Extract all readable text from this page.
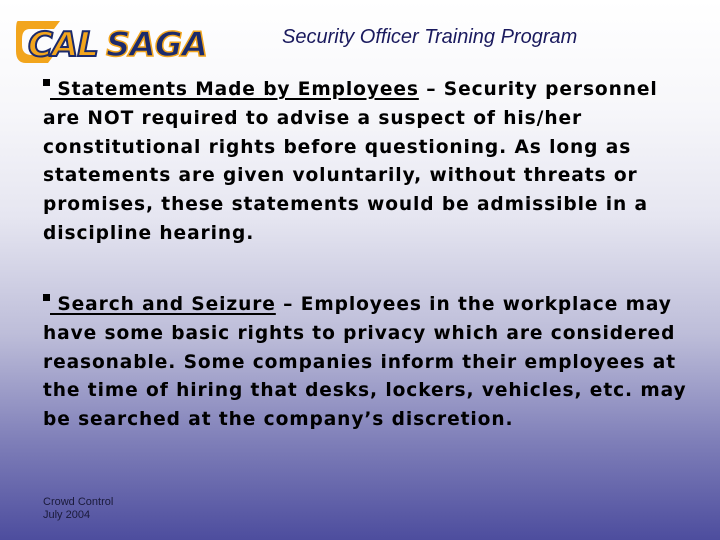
CAL SAGA	Security Officer Training Program
Statements Made by Employees – Security personnel are NOT required to advise a suspect of his/her constitutional rights before questioning. As long as statements are given voluntarily, without threats or promises, these statements would be admissible in a discipline hearing.
Search and Seizure – Employees in the workplace may have some basic rights to privacy which are considered reasonable. Some companies inform their employees at the time of hiring that desks, lockers, vehicles, etc. may be searched at the company’s discretion.
Crowd Control
July 2004
